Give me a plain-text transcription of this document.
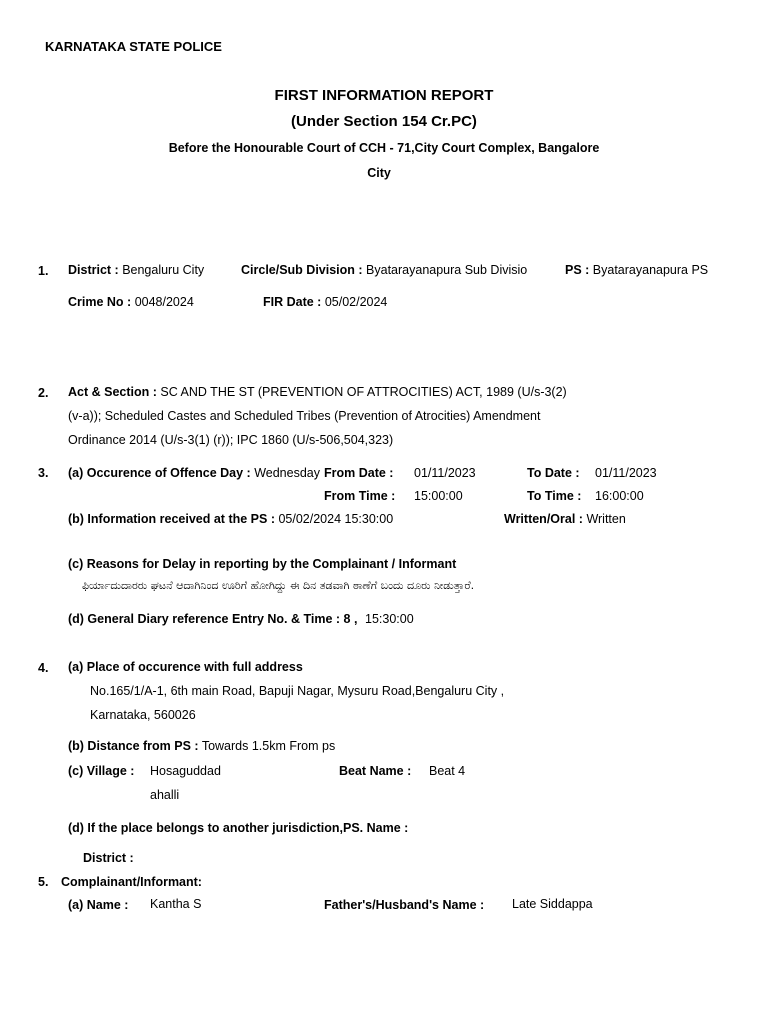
KARNATAKA STATE POLICE
FIRST INFORMATION REPORT
(Under Section 154 Cr.PC)
Before the Honourable Court of CCH - 71,City Court Complex, Bangalore
City
1. District : Bengaluru City	Circle/Sub Division : Byatarayanapura Sub Divisio	PS : Byatarayanapura PS
Crime No : 0048/2024	FIR Date : 05/02/2024
2. Act & Section : SC AND THE ST (PREVENTION OF ATTROCITIES) ACT, 1989 (U/s-3(2)
(v-a)); Scheduled Castes and Scheduled Tribes (Prevention of Atrocities) Amendment
Ordinance 2014 (U/s-3(1) (r)); IPC 1860 (U/s-506,504,323)
3. (a) Occurence of Offence Day : Wednesday From Date : 01/11/2023	To Date : 01/11/2023
From Time : 15:00:00	To Time : 16:00:00
(b) Information received at the PS : 05/02/2024 15:30:00	Written/Oral : Written
(c) Reasons for Delay in reporting by the Complainant / Informant
ಫಿರ್ಯಾದುದಾರರು ಘಟನೆ ಆದಾಗಿನಿಂದ ಊರಿಗೆ ಹೋಗಿದ್ದು ಈ ದಿನ ತಡವಾಗಿ ಠಾಣೆಗೆ ಬಂದು ದೂರು ನೀಡುತ್ತಾರೆ.
(d) General Diary reference Entry No. & Time : 8 , 15:30:00
4. (a) Place of occurence with full address
No.165/1/A-1, 6th main Road, Bapuji Nagar, Mysuru Road,Bengaluru City ,
Karnataka, 560026
(b) Distance from PS : Towards 1.5km From ps
(c) Village : Hosaguddad
ahalli
Beat Name : Beat 4
(d) If the place belongs to another jurisdiction,PS. Name :
District :
5. Complainant/Informant:
(a) Name : Kantha S	Father's/Husband's Name : Late Siddappa
